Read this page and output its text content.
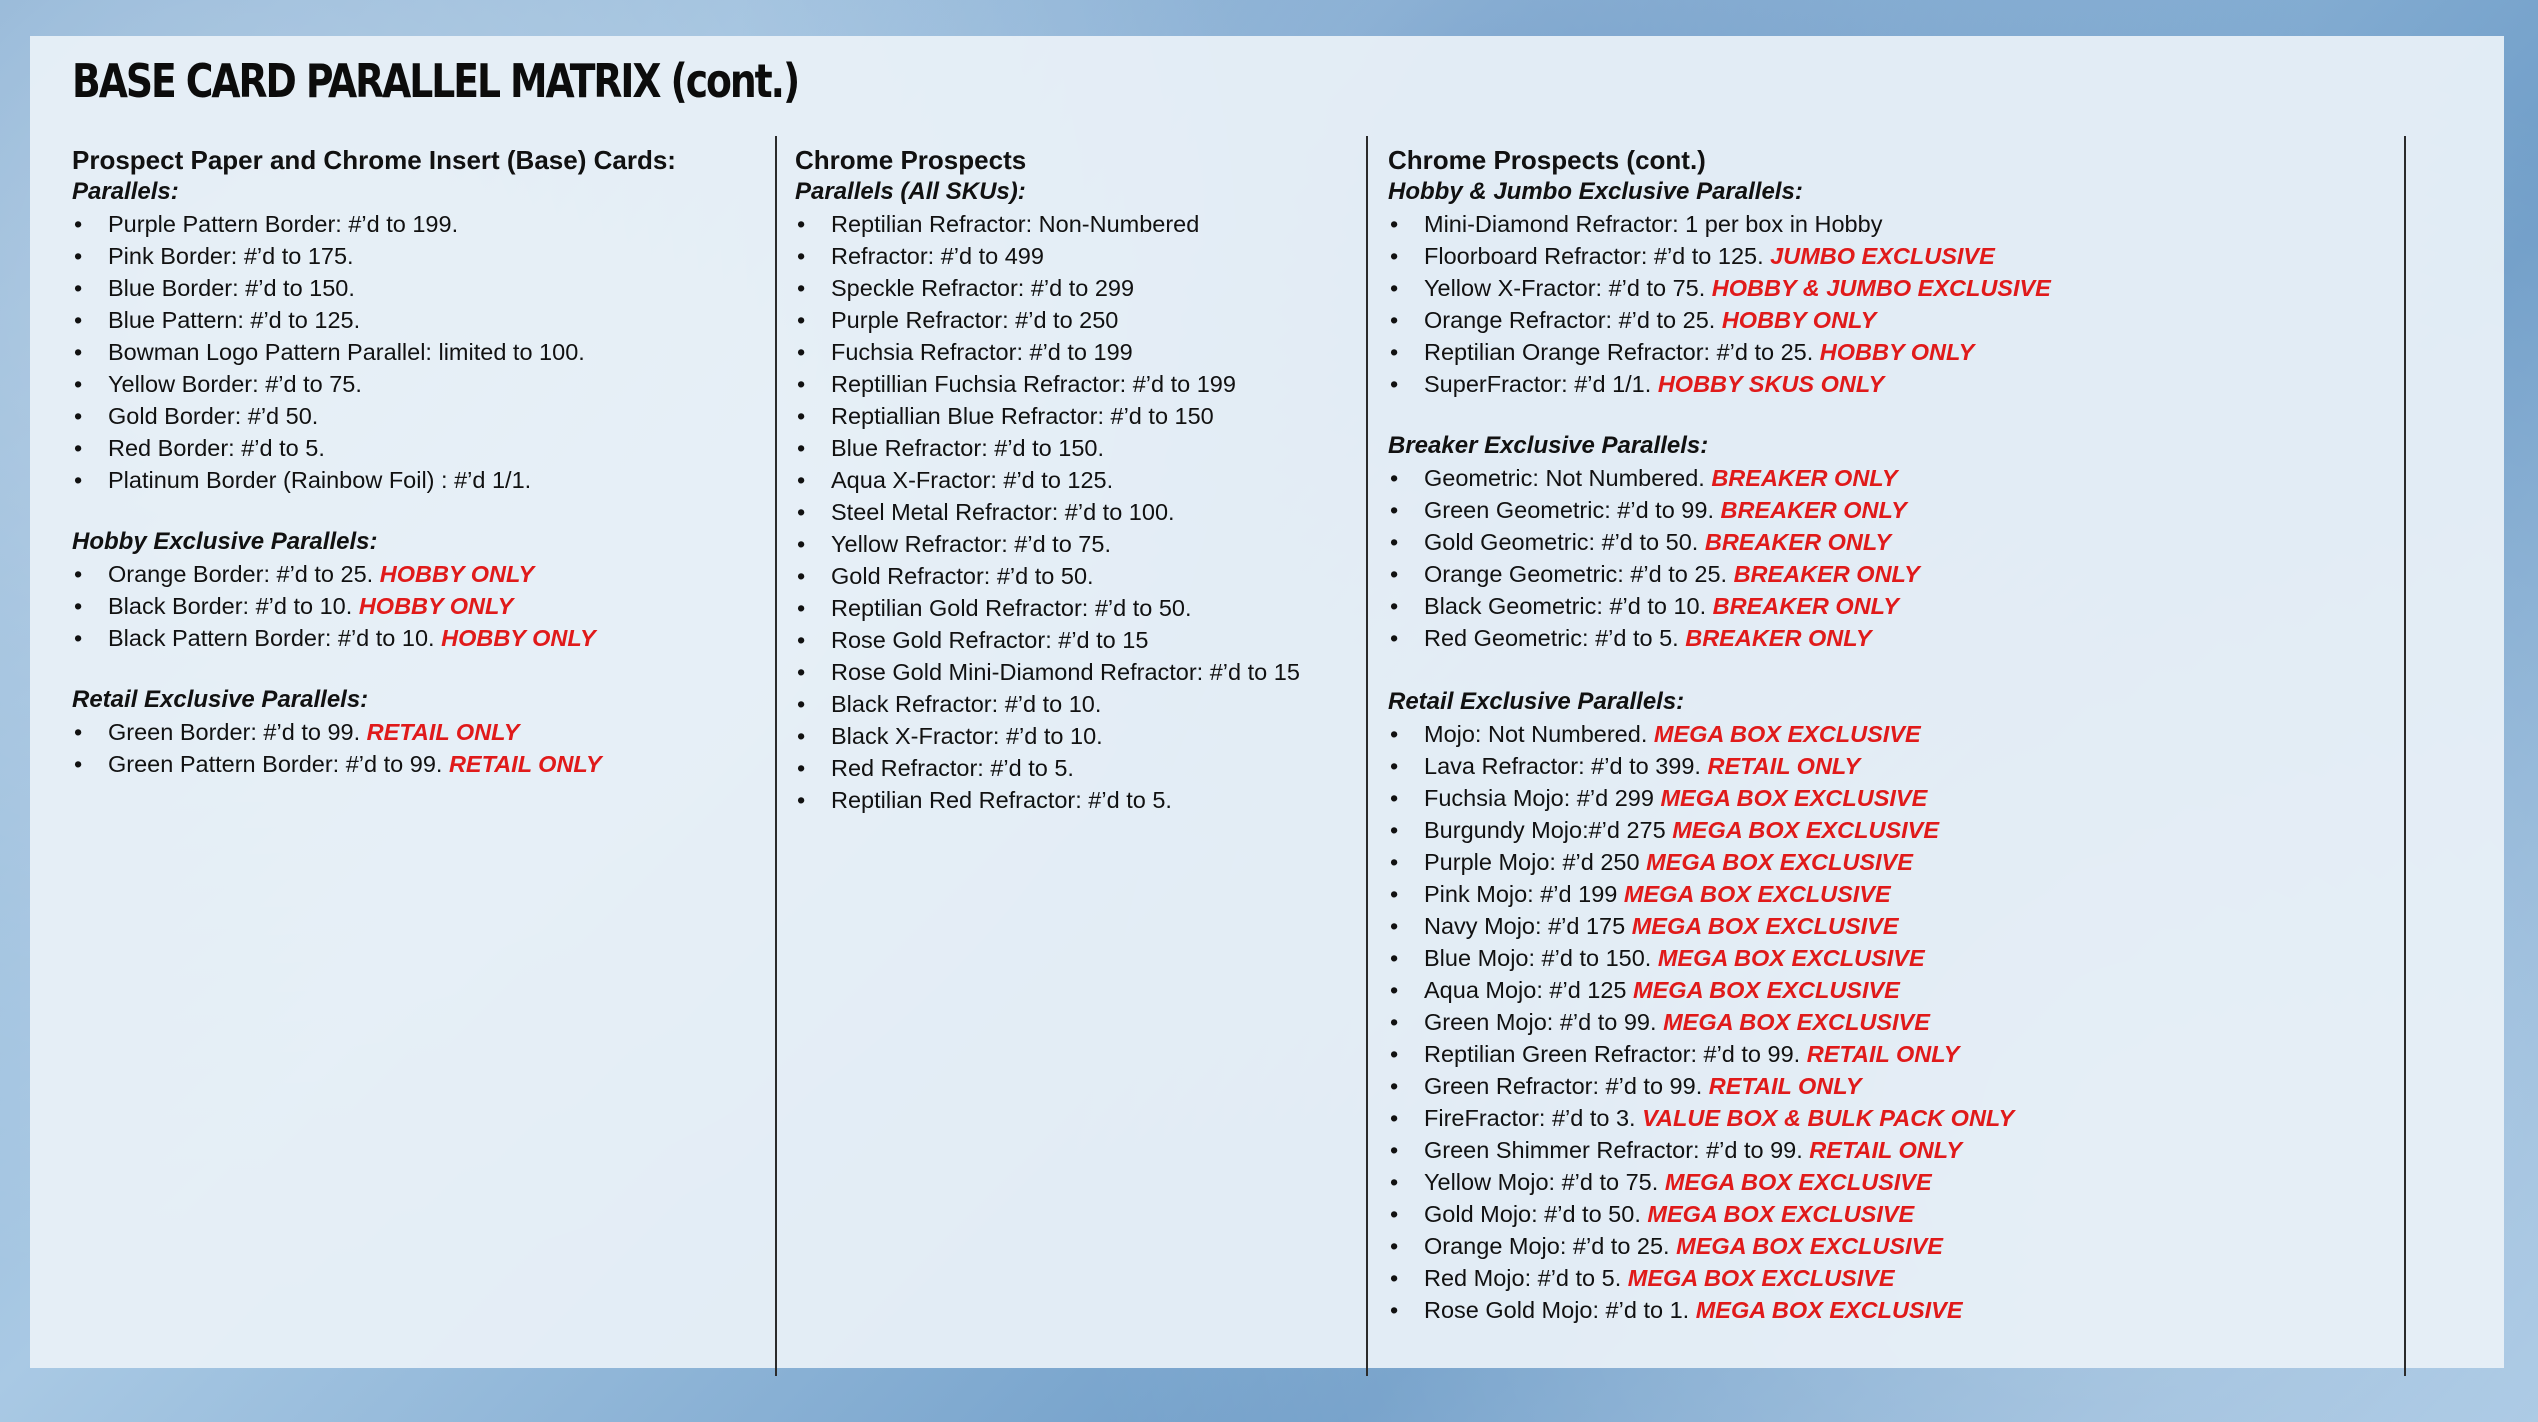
BASE CARD PARALLEL MATRIX (cont.)
Prospect Paper and Chrome Insert (Base) Cards:
Parallels:
• Purple Pattern Border: #’d to 199.
• Pink Border: #’d to 175.
• Blue Border: #’d to 150.
• Blue Pattern: #’d to 125.
• Bowman Logo Pattern Parallel: limited to 100.
• Yellow Border: #’d to 75.
• Gold Border: #’d 50.
• Red Border: #’d to 5.
• Platinum Border (Rainbow Foil) : #’d 1/1.
Hobby Exclusive Parallels:
• Orange Border: #’d to 25. HOBBY ONLY
• Black Border: #’d to 10. HOBBY ONLY
• Black Pattern Border: #’d to 10. HOBBY ONLY
Retail Exclusive Parallels:
• Green Border: #’d to 99. RETAIL ONLY
• Green Pattern Border: #’d to 99. RETAIL ONLY
Chrome Prospects
Parallels (All SKUs):
• Reptilian Refractor: Non-Numbered
• Refractor: #’d to 499
• Speckle Refractor: #’d to 299
• Purple Refractor: #’d to 250
• Fuchsia Refractor: #’d to 199
• Reptillian Fuchsia Refractor: #’d to 199
• Reptiallian Blue Refractor: #’d to 150
• Blue Refractor: #’d to 150.
• Aqua X-Fractor: #’d to 125.
• Steel Metal Refractor: #’d to 100.
• Yellow Refractor: #’d to 75.
• Gold Refractor: #’d to 50.
• Reptilian Gold Refractor: #’d to 50.
• Rose Gold Refractor: #’d to 15
• Rose Gold Mini-Diamond Refractor: #’d to 15
• Black Refractor: #’d to 10.
• Black X-Fractor: #’d to 10.
• Red Refractor: #’d to 5.
• Reptilian Red Refractor: #’d to 5.
Chrome Prospects (cont.)
Hobby & Jumbo Exclusive Parallels:
• Mini-Diamond Refractor: 1 per box in Hobby
• Floorboard Refractor: #’d to 125. JUMBO EXCLUSIVE
• Yellow X-Fractor: #’d to 75. HOBBY & JUMBO EXCLUSIVE
• Orange Refractor: #’d to 25. HOBBY ONLY
• Reptilian Orange Refractor: #’d to 25. HOBBY ONLY
• SuperFractor: #’d 1/1. HOBBY SKUS ONLY
Breaker Exclusive Parallels:
• Geometric: Not Numbered. BREAKER ONLY
• Green Geometric: #’d to 99. BREAKER ONLY
• Gold Geometric: #’d to 50. BREAKER ONLY
• Orange Geometric: #’d to 25. BREAKER ONLY
• Black Geometric: #’d to 10. BREAKER ONLY
• Red Geometric: #’d to 5. BREAKER ONLY
Retail Exclusive Parallels:
• Mojo: Not Numbered. MEGA BOX EXCLUSIVE
• Lava Refractor: #’d to 399. RETAIL ONLY
• Fuchsia Mojo: #’d 299 MEGA BOX EXCLUSIVE
• Burgundy Mojo:#’d 275 MEGA BOX EXCLUSIVE
• Purple Mojo: #’d 250 MEGA BOX EXCLUSIVE
• Pink Mojo: #’d 199 MEGA BOX EXCLUSIVE
• Navy Mojo: #’d 175 MEGA BOX EXCLUSIVE
• Blue Mojo: #’d to 150. MEGA BOX EXCLUSIVE
• Aqua Mojo: #’d 125 MEGA BOX EXCLUSIVE
• Green Mojo: #’d to 99. MEGA BOX EXCLUSIVE
• Reptilian Green Refractor: #’d to 99. RETAIL ONLY
• Green Refractor: #’d to 99. RETAIL ONLY
• FireFractor: #’d to 3. VALUE BOX & BULK PACK ONLY
• Green Shimmer Refractor: #’d to 99. RETAIL ONLY
• Yellow Mojo: #’d to 75. MEGA BOX EXCLUSIVE
• Gold Mojo: #’d to 50. MEGA BOX EXCLUSIVE
• Orange Mojo: #’d to 25. MEGA BOX EXCLUSIVE
• Red Mojo: #’d to 5. MEGA BOX EXCLUSIVE
• Rose Gold Mojo: #’d to 1. MEGA BOX EXCLUSIVE
